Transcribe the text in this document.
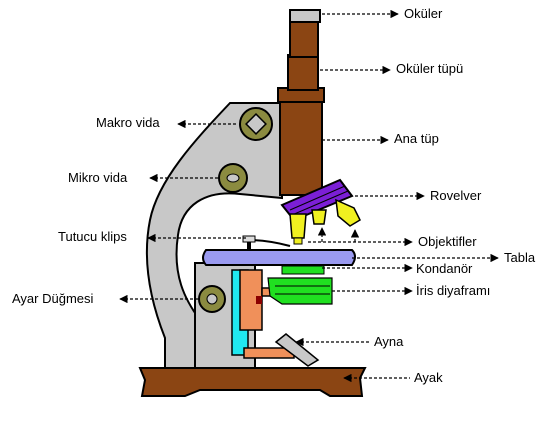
Oküler
Oküler tüpü
Ana tüp
Rovelver
Objektifler
Tabla
Kondanör
İris diyaframı
Ayna
Ayak
Makro vida
Mikro vida
Tutucu klips
Ayar Düğmesi
